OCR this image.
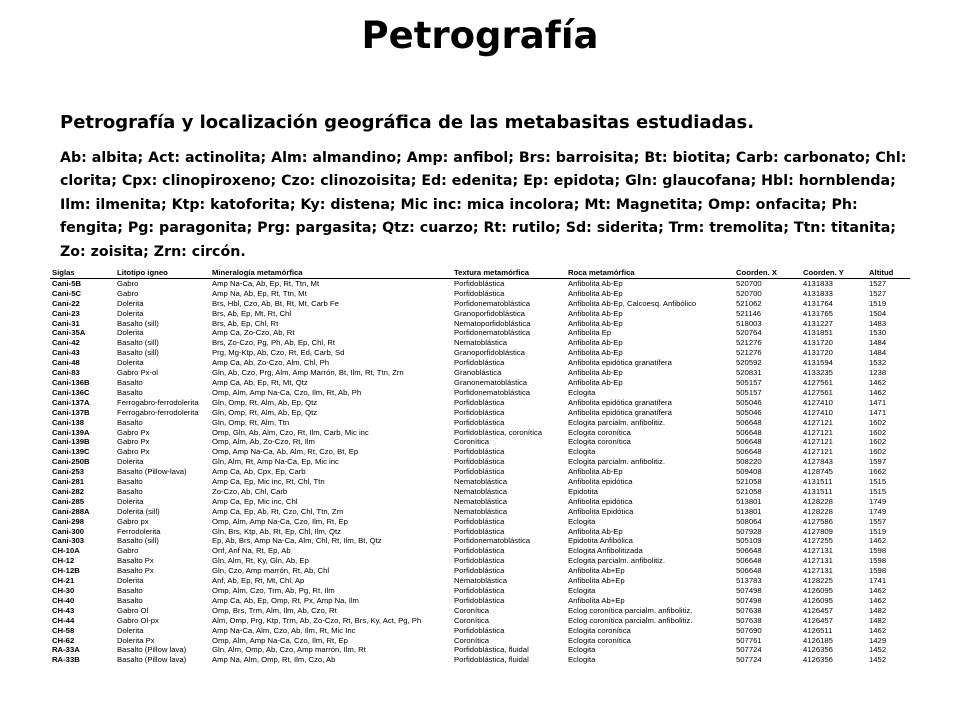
Petrografía

Petrografía y localización geográfica de las metabasitas estudiadas.

Ab: albita; Act: actinolita; Alm: almandino; Amp: anfibol; Brs: barroisita; Bt: biotita; Carb: carbonato; Chl: clorita; Cpx: clinopiroxeno; Czo: clinozoisita; Ed: edenita; Ep: epidota; Gln: glaucofana; Hbl: hornblenda; Ilm: ilmenita; Ktp: katoforita; Ky: distena; Mic inc: mica incolora; Mt: Magnetita; Omp: onfacita; Ph: fengita; Pg: paragonita; Prg: pargasita; Qtz: cuarzo; Rt: rutilo; Sd: siderita; Trm: tremolita; Ttn: titanita; Zo: zoisita; Zrn: circón.

Siglas	Litotipo igneo	Mineralogía metamórfica	Textura metamórfica	Roca metamórfica	Coorden. X	Coorden. Y	Altitud
Cani-5B	Gabro	Amp Na-Ca, Ab, Ep, Rt, Ttn, Mt	Porfidoblástica	Anfibolita Ab-Ep	520700	4131833	1527
Cani-5C	Gabro	Amp Na, Ab, Ep, Rt, Ttn, Mt	Porfidoblástica	Anfibolita Ab-Ep	520700	4131833	1527
Cani-22	Dolerita	Brs, Hbl, Czo, Ab, Bt, Rt, Mt, Carb Fe	Porfidonematoblástica	Anfibolita Ab-Ep, Calcoesq. Anfibólico	521062	4131764	1519
Cani-23	Dolerita	Brs, Ab, Ep, Mt, Rt, Chl	Granoporfidoblástica	Anfibolita Ab-Ep	521146	4131765	1504
Cani-31	Basalto (sill)	Brs, Ab, Ep, Chl, Rt	Nematoporfidoblástica	Anfibolita Ab-Ep	518003	4131227	1483
Cani-35A	Dolerita	Amp Ca, Zo-Czo, Ab, Rt	Porfidonematoblástica	Anfibolita Ep	520764	4131851	1530
Cani-42	Basalto (sill)	Brs, Zo-Czo, Pg, Ph, Ab, Ep, Chl, Rt	Nematoblástica	Anfibolita Ab-Ep	521276	4131720	1484
Cani-43	Basalto (sill)	Prg, Mg-Ktp, Ab, Czo, Rt, Ed, Carb, Sd	Granoporfidoblástica	Anfibolita Ab-Ep	521276	4131720	1484
Cani-48	Dolerita	Amp Ca, Ab, Zo-Czo, Alm, Chl, Ph	Porfidoblástica	Anfibolita epidótica granatífera	520592	4131594	1532
Cani-83	Gabro Px-ol	Gln, Ab, Czo, Prg, Alm, Amp Marrón, Bt, Ilm, Rt, Ttn, Zrn	Granoblástica	Anfibolita Ab-Ep	520831	4133235	1238
Cani-136B	Basalto	Amp Ca, Ab, Ep, Rt, Mt, Qtz	Granonematoblástica	Anfibolita Ab-Ep	505157	4127561	1462
Cani-136C	Basalto	Omp, Alm, Amp Na-Ca, Czo, Ilm, Rt, Ab, Ph	Porfidonematoblástica	Eclogita	505157	4127561	1462
Cani-137A	Ferrogabro-ferrodolerita	Gln, Omp, Rt, Alm, Ab, Ep, Qtz	Porfidoblástica	Anfibolita epidótica granatífera	505046	4127410	1471
Cani-137B	Ferrogabro-ferrodolerita	Gln, Omp, Rt, Alm, Ab, Ep, Qtz	Porfidoblástica	Anfibolita epidótica granatífera	505046	4127410	1471
Cani-138	Basalto	Gln, Omp, Rt, Alm, Ttn	Porfidoblástica	Eclogita parcialm. anfibolitiz.	506648	4127121	1602
Cani-139A	Gabro Px	Omp, Gln, Ab, Alm, Czo, Rt, Ilm, Carb, Mic inc	Porfidoblástica, coronítica	Eclogita coronítica	506648	4127121	1602
Cani-139B	Gabro Px	Omp, Alm, Ab, Zo-Czo, Rt, Ilm	Coronítica	Eclogita coronítica	506648	4127121	1602
Cani-139C	Gabro Px	Omp, Amp Na-Ca, Ab, Alm, Rt, Czo, Bt, Ep	Porfidoblástica	Eclogita	506648	4127121	1602
Cani-250B	Dolerita	Gln, Alm, Rt, Amp Na-Ca, Ep, Mic inc	Porfidoblástica	Eclogita parcialm. anfibolitiz.	508220	4127843	1597
Cani-253	Basalto (Pillow-lava)	Amp Ca, Ab, Cpx, Ep, Carb	Porfidoblástica	Anfibolita Ab-Ep	509408	4128745	1662
Cani-281	Basalto	Amp Ca, Ep, Mic inc, Rt, Chl, Ttn	Nematoblástica	Anfibolita epidótica	521058	4131511	1515
Cani-282	Basalto	Zo-Czo, Ab, Chl, Carb	Nematoblástica	Epidotita	521058	4131511	1515
Cani-285	Dolerita	Amp Ca, Ep, Mic inc, Chl	Nematoblástica	Anfibolita epidótica	513801	4128228	1749
Cani-288A	Dolerita (sill)	Amp Ca, Ep, Ab, Rt, Czo, Chl, Ttn, Zrn	Nematoblástica	Anfibolita Epidótica	513801	4128228	1749
Cani-298	Gabro px	Omp, Alm, Amp Na-Ca, Czo, Ilm, Rt, Ep	Porfidoblástica	Eclogita	508064	4127586	1557
Cani-300	Ferrodolerita	Gln, Brs, Ktp, Ab, Rt, Ep, Chl, Ilm, Qtz	Porfidoblástica	Anfibolita Ab-Ep	507928	4127809	1519
Cani-303	Basalto (sill)	Ep, Ab, Brs, Amp Na-Ca, Alm, Chl, Rt, Ilm, Bt, Qtz	Porfidonematoblástica	Epidotita Anfibólica	505109	4127255	1462
CH-10A	Gabro	Onf, Anf Na, Rt, Ep, Ab	Porfidoblástica	Eclogita Anfibolitizada	506648	4127131	1598
CH-12	Basalto Px	Gln, Alm, Rt, Ky, Gln, Ab, Ep	Porfidoblástica	Eclogita parcialm. anfibolitiz.	506648	4127131	1598
CH-12B	Basalto Px	Gln, Czo, Amp marrón, Rt, Ab, Chl	Porfidoblástica	Anfibolita Ab+Ep	506648	4127131	1598
CH-21	Dolerita	Anf, Ab, Ep, Rt, Mt, Chl, Ap	Nematoblástica	Anfibolita Ab+Ep	513783	4128225	1741
CH-30	Basalto	Omp, Alm, Czo, Trm, Ab, Pg, Rt, Ilm	Porfidoblástica	Eclogita	507498	4126095	1462
CH-40	Basalto	Amp Ca, Ab, Ep, Omp, Rt, Px, Amp Na, Ilm	Porfidoblástica	Anfibolita Ab+Ep	507498	4126095	1462
CH-43	Gabro Ol	Omp, Brs, Trm, Alm, Ilm, Ab, Czo, Rt	Coronítica	Eclog coronítica parcialm. anfibolitiz.	507638	4126457	1482
CH-44	Gabro Ol-px	Alm, Omp, Prg, Ktp, Trm, Ab, Zo-Czo, Rt, Brs, Ky, Act, Pg, Ph	Coronítica	Eclog coronítica parcialm. anfibolitiz.	507638	4126457	1482
CH-58	Dolerita	Amp Na-Ca, Alm, Czo, Ab, Ilm, Rt, Mic Inc	Porfidoblástica	Eclogita coronítica	507690	4126511	1462
CH-62	Dolerita Px	Omp, Alm, Amp Na-Ca, Czo, Ilm, Rt, Ep	Coronítica	Eclogita coronítica	507761	4126185	1429
RA-33A	Basalto (Pillow lava)	Gln, Alm, Omp, Ab, Czo, Amp marrón, Ilm, Rt	Porfidoblástica, fluidal	Eclogita	507724	4126356	1452
RA-33B	Basalto (Pillow lava)	Amp Na, Alm, Omp, Rt, Ilm, Czo, Ab	Porfidoblástica, fluidal	Eclogita	507724	4126356	1452
